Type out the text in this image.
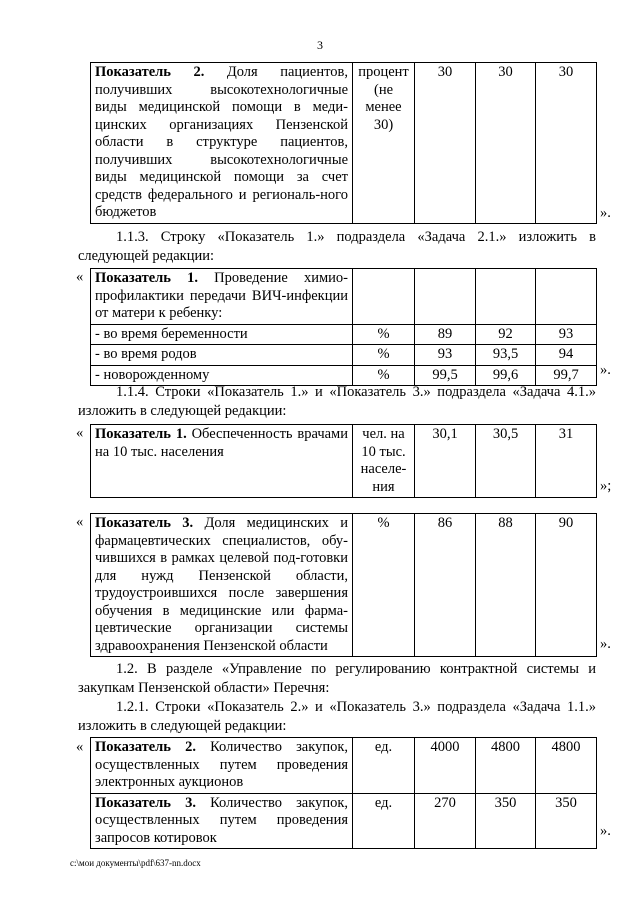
3
Показатель 2. Доля пациентов, получивших высокотехнологичные виды медицинской помощи в меди-цинских организациях Пензенской области в структуре пациентов, получивших высокотехнологичные виды медицинской помощи за счет средств федерального и региональ-ного бюджетов	процент (не менее 30)	30	30	30
».
1.1.3. Строку «Показатель 1.» подраздела «Задача 2.1.» изложить в следующей редакции:
« Показатель 1. Проведение химио-профилактики передачи ВИЧ-инфекции от матери к ребенку:				
- во время беременности	%	89	92	93
- во время родов	%	93	93,5	94
- новорожденному	%	99,5	99,6	99,7 ».
1.1.4. Строки «Показатель 1.» и «Показатель 3.» подраздела «Задача 4.1.» изложить в следующей редакции:
« Показатель 1. Обеспеченность врачами на 10 тыс. населения	чел. на 10 тыс. населе-ния	30,1	30,5	31
»;
« Показатель 3. Доля медицинских и фармацевтических специалистов, обу-чившихся в рамках целевой под-готовки для нужд Пензенской области, трудоустроившихся после завершения обучения в медицинские или фарма-цевтические организации системы здравоохранения Пензенской области	%	86	88	90
».
1.2. В разделе «Управление по регулированию контрактной системы и закупкам Пензенской области» Перечня:
1.2.1. Строки «Показатель 2.» и «Показатель 3.» подраздела «Задача 1.1.» изложить в следующей редакции:
« Показатель 2. Количество закупок, осуществленных путем проведения электронных аукционов	ед.	4000	4800	4800
Показатель 3. Количество закупок, осуществленных путем проведения запросов котировок	ед.	270	350	350
».
c:\мои документы\pdf\637-nn.docx
